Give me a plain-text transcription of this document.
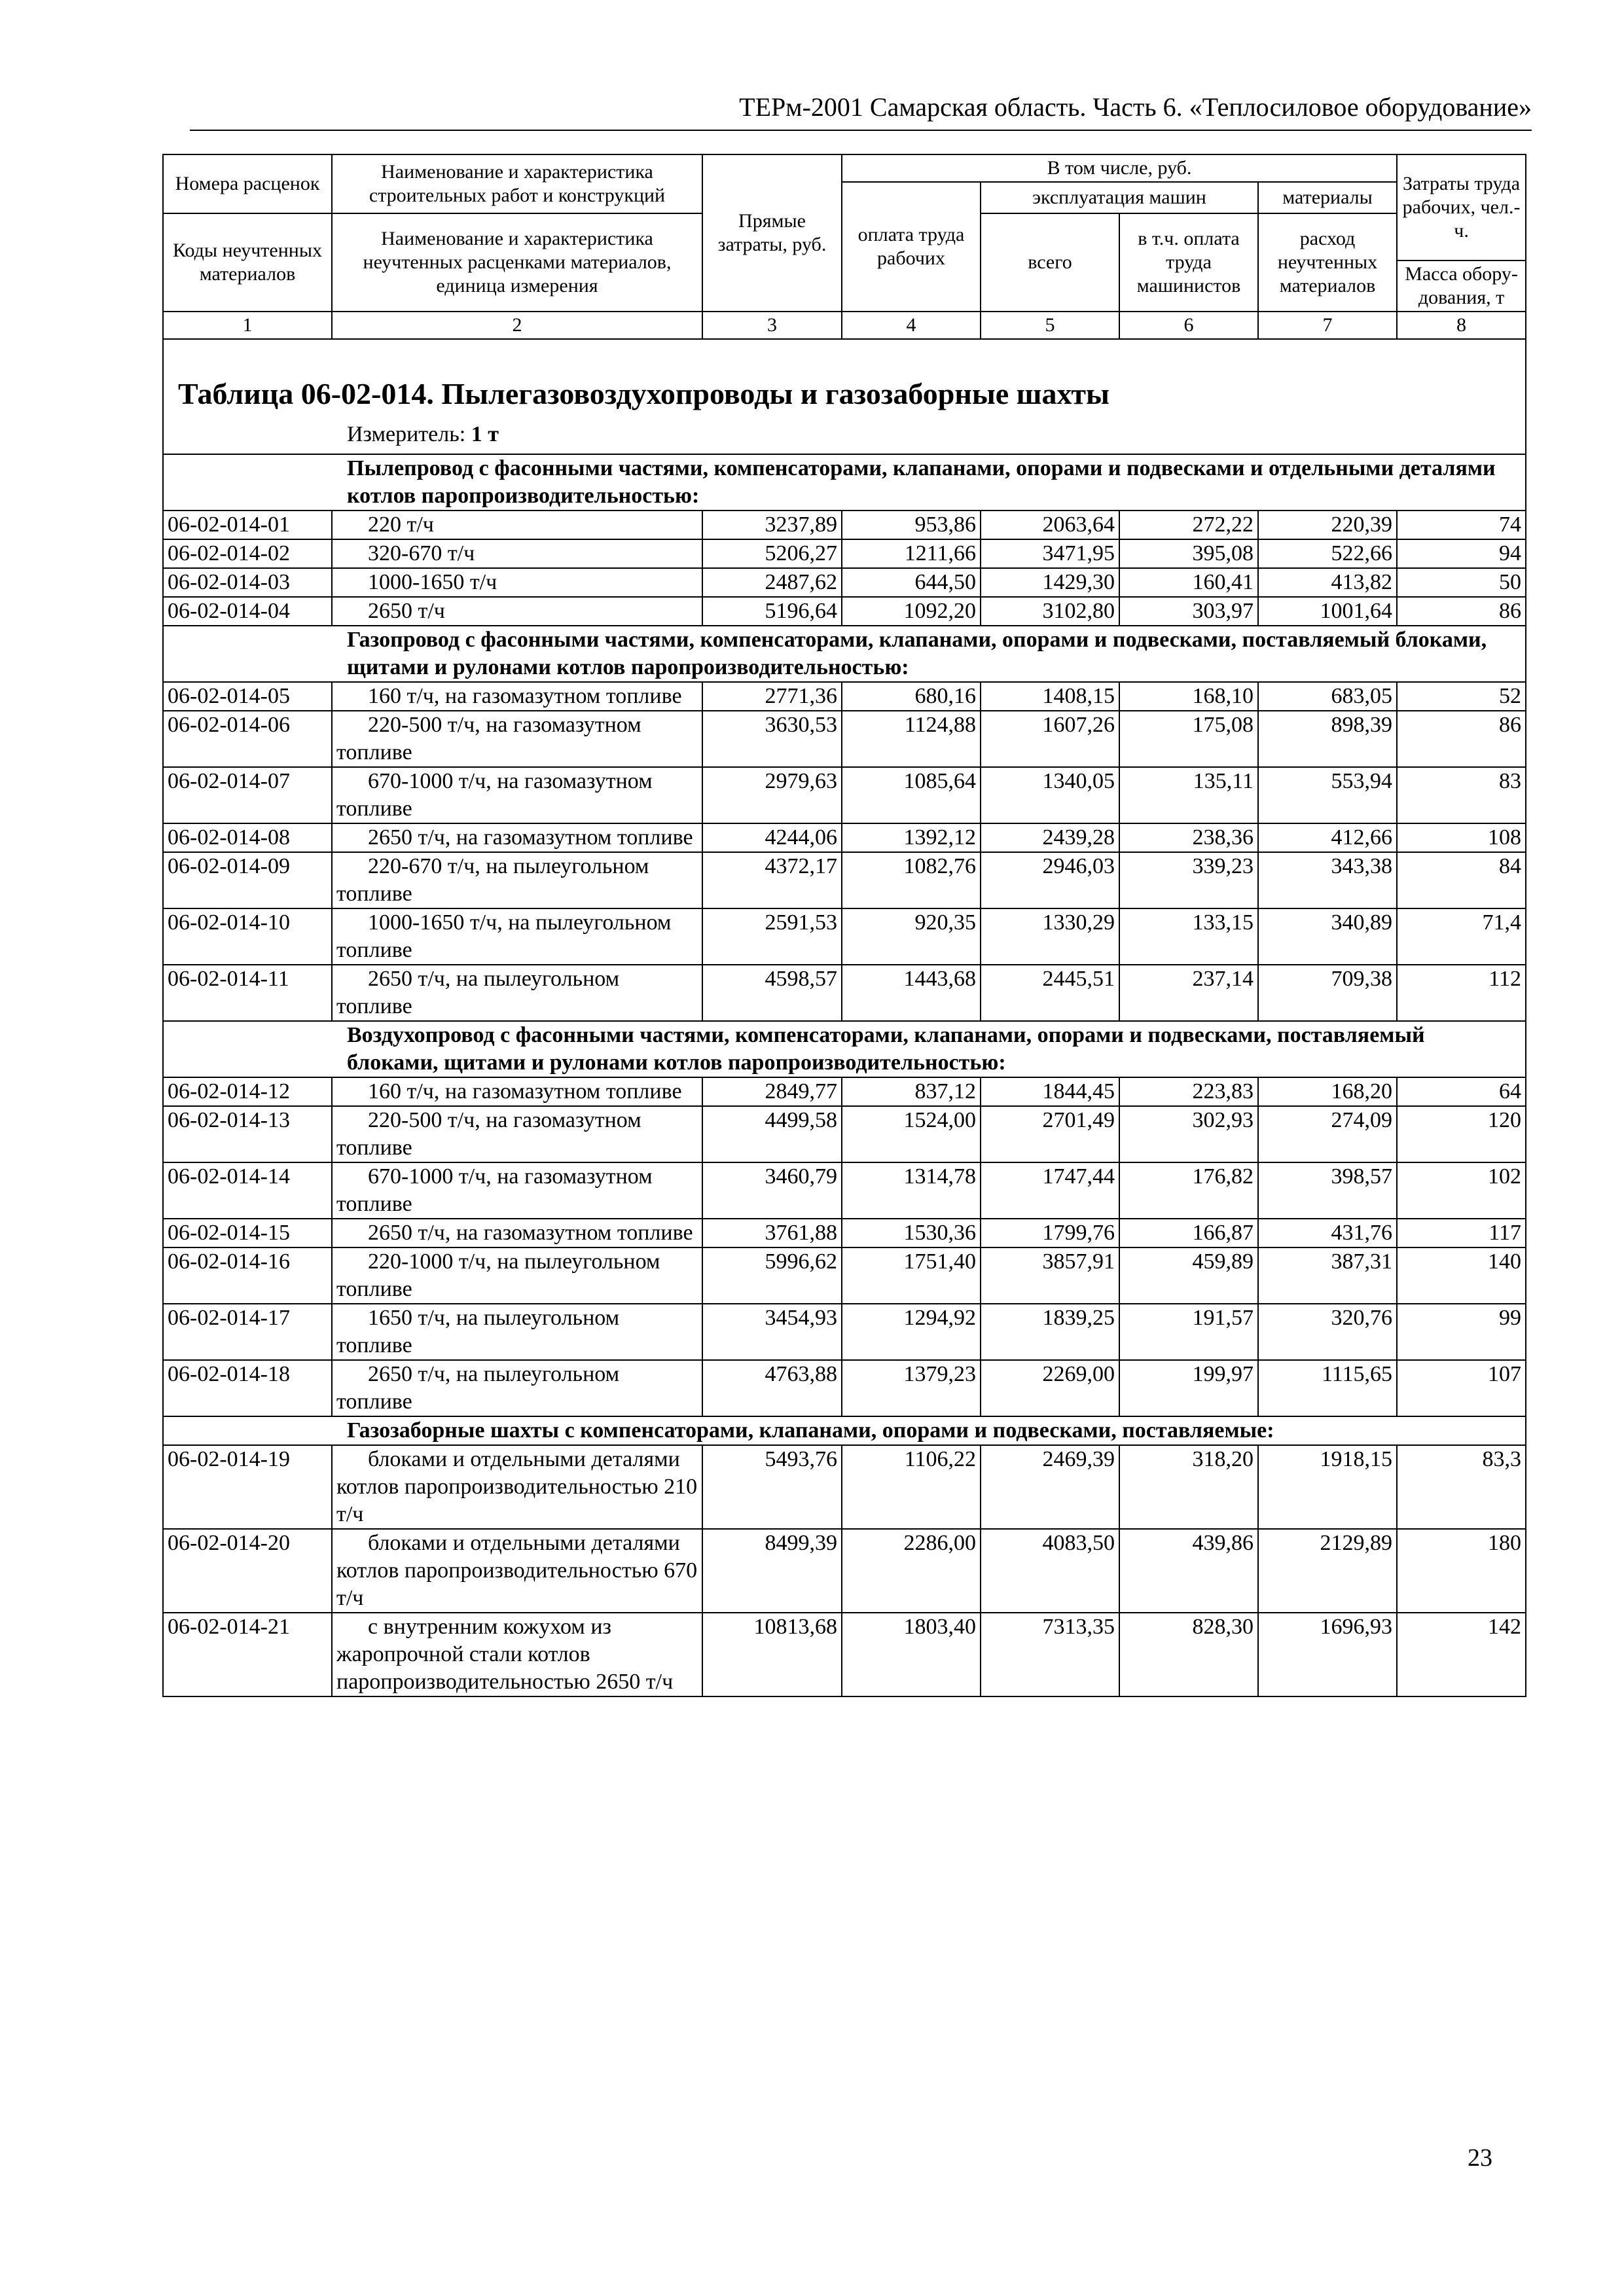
ТЕРм-2001 Самарская область. Часть 6. «Теплосиловое оборудование»
Номера расценок	Наименование и характеристика строительных работ и конструкций	Прямые затраты, руб.	В том числе, руб.				Затраты труда рабочих, чел.-ч.
			оплата труда рабочих	эксплуатация машин		материалы	
Коды неучтенных материалов	Наименование и характеристика неучтенных расценками материалов, единица измерения			всего	в т.ч. оплата труда машинистов	расход неучтенных материалов	

							Масса обору-дования, т
1	2	3	4	5	6	7	8

Таблица 06-02-014. Пылегазовоздухопроводы и газозаборные шахты
Измеритель: 1 т							

Пылепровод с фасонными частями, компенсаторами, клапанами, опорами и подвесками и отдельными деталями котлов паропроизводительностью:							
06-02-014-01	220 т/ч	3237,89	953,86	2063,64	272,22	220,39	74
06-02-014-02	320-670 т/ч	5206,27	1211,66	3471,95	395,08	522,66	94
06-02-014-03	1000-1650 т/ч	2487,62	644,50	1429,30	160,41	413,82	50
06-02-014-04	2650 т/ч	5196,64	1092,20	3102,80	303,97	1001,64	86
Газопровод с фасонными частями, компенсаторами, клапанами, опорами и подвесками, поставляемый блоками, щитами и рулонами котлов паропроизводительностью:							
06-02-014-05	160 т/ч, на газомазутном топливе	2771,36	680,16	1408,15	168,10	683,05	52
06-02-014-06	220-500 т/ч, на газомазутном топливе	3630,53	1124,88	1607,26	175,08	898,39	86
06-02-014-07	670-1000 т/ч, на газомазутном топливе	2979,63	1085,64	1340,05	135,11	553,94	83
06-02-014-08	2650 т/ч, на газомазутном топливе	4244,06	1392,12	2439,28	238,36	412,66	108
06-02-014-09	220-670 т/ч, на пылеугольном топливе	4372,17	1082,76	2946,03	339,23	343,38	84
06-02-014-10	1000-1650 т/ч, на пылеугольном топливе	2591,53	920,35	1330,29	133,15	340,89	71,4
06-02-014-11	2650 т/ч, на пылеугольном топливе	4598,57	1443,68	2445,51	237,14	709,38	112
Воздухопровод с фасонными частями, компенсаторами, клапанами, опорами и подвесками, поставляемый блоками, щитами и рулонами котлов паропроизводительностью:							
06-02-014-12	160 т/ч, на газомазутном топливе	2849,77	837,12	1844,45	223,83	168,20	64
06-02-014-13	220-500 т/ч, на газомазутном топливе	4499,58	1524,00	2701,49	302,93	274,09	120
06-02-014-14	670-1000 т/ч, на газомазутном топливе	3460,79	1314,78	1747,44	176,82	398,57	102
06-02-014-15	2650 т/ч, на газомазутном топливе	3761,88	1530,36	1799,76	166,87	431,76	117
06-02-014-16	220-1000 т/ч, на пылеугольном топливе	5996,62	1751,40	3857,91	459,89	387,31	140
06-02-014-17	1650 т/ч, на пылеугольном топливе	3454,93	1294,92	1839,25	191,57	320,76	99
06-02-014-18	2650 т/ч, на пылеугольном топливе	4763,88	1379,23	2269,00	199,97	1115,65	107
Газозаборные шахты с компенсаторами, клапанами, опорами и подвесками, поставляемые:							
06-02-014-19	блоками и отдельными деталями котлов паропроизводительностью 210 т/ч	5493,76	1106,22	2469,39	318,20	1918,15	83,3
06-02-014-20	блоками и отдельными деталями котлов паропроизводительностью 670 т/ч	8499,39	2286,00	4083,50	439,86	2129,89	180
06-02-014-21	с внутренним кожухом из жаропрочной стали котлов паропроизводительностью 2650 т/ч	10813,68	1803,40	7313,35	828,30	1696,93	142
23
